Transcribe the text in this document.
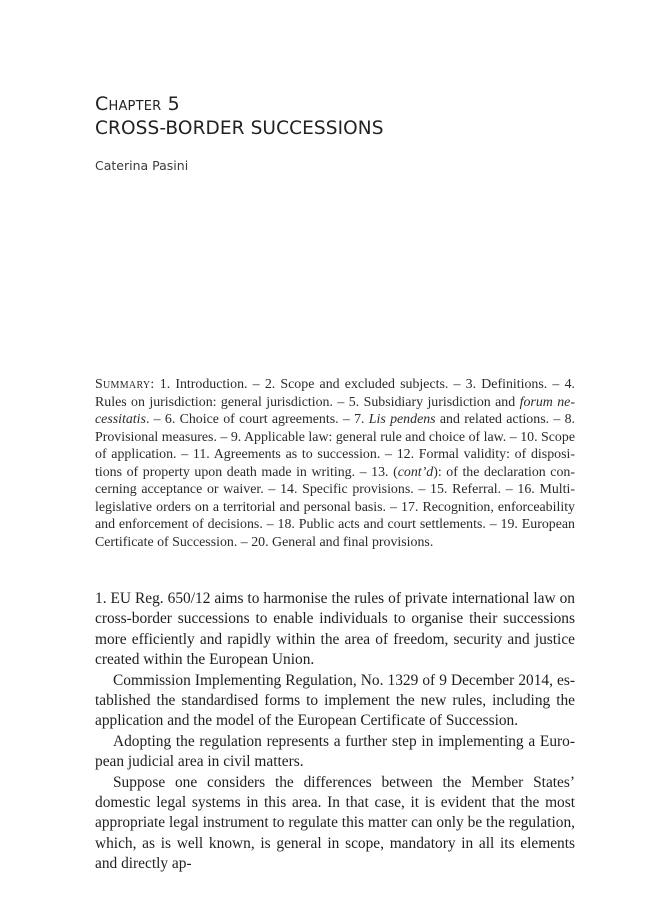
Chapter 5
CROSS-BORDER SUCCESSIONS
Caterina Pasini
Summary: 1. Introduction. – 2. Scope and excluded subjects. – 3. Definitions. – 4. Rules on jurisdiction: general jurisdiction. – 5. Subsidiary jurisdiction and forum necessitatis. – 6. Choice of court agreements. – 7. Lis pendens and related actions. – 8. Provisional measures. – 9. Applicable law: general rule and choice of law. – 10. Scope of application. – 11. Agreements as to succession. – 12. Formal validity: of dispositions of property upon death made in writing. – 13. (cont’d): of the declaration concerning acceptance or waiver. – 14. Specific provisions. – 15. Referral. – 16. Multilegislative orders on a territorial and personal basis. – 17. Recognition, enforceability and enforcement of decisions. – 18. Public acts and court settlements. – 19. European Certificate of Succession. – 20. General and final provisions.

1. EU Reg. 650/12 aims to harmonise the rules of private international law on cross-border successions to enable individuals to organise their successions more efficiently and rapidly within the area of freedom, security and justice created within the European Union.

Commission Implementing Regulation, No. 1329 of 9 December 2014, established the standardised forms to implement the new rules, including the application and the model of the European Certificate of Succession.

Adopting the regulation represents a further step in implementing a European judicial area in civil matters.

Suppose one considers the differences between the Member States’ domestic legal systems in this area. In that case, it is evident that the most appropriate legal instrument to regulate this matter can only be the regulation, which, as is well known, is general in scope, mandatory in all its elements and directly ap-
